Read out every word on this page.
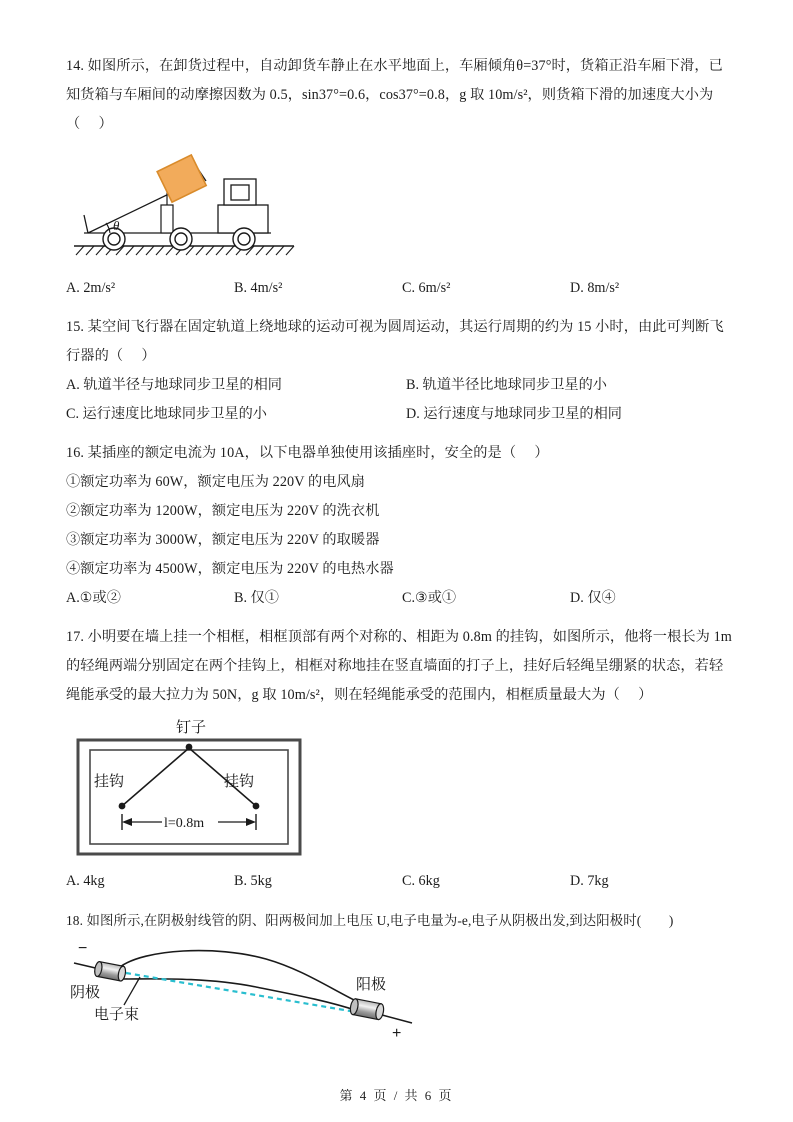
14. 如图所示，在卸货过程中，自动卸货车静止在水平地面上，车厢倾角θ=37°时，货箱正沿车厢下滑，已
知货箱与车厢间的动摩擦因数为 0.5，sin37°=0.6，cos37°=0.8，g 取 10m/s²，则货箱下滑的加速度大小为
（     ）
θ
A. 2m/s²	B. 4m/s²	C. 6m/s²	D. 8m/s²
15. 某空间飞行器在固定轨道上绕地球的运动可视为圆周运动，其运行周期的约为 15 小时，由此可判断飞
行器的（     ）
A. 轨道半径与地球同步卫星的相同	B. 轨道半径比地球同步卫星的小
C. 运行速度比地球同步卫星的小	D. 运行速度与地球同步卫星的相同
16. 某插座的额定电流为 10A，以下电器单独使用该插座时，安全的是（     ）
①额定功率为 60W，额定电压为 220V 的电风扇
②额定功率为 1200W，额定电压为 220V 的洗衣机
③额定功率为 3000W，额定电压为 220V 的取暖器
④额定功率为 4500W，额定电压为 220V 的电热水器
A.①或②	B. 仅①	C.③或①	D. 仅④
17. 小明要在墙上挂一个相框，相框顶部有两个对称的、相距为 0.8m 的挂钩，如图所示，他将一根长为 1m
的轻绳两端分别固定在两个挂钩上，相框对称地挂在竖直墙面的打子上，挂好后轻绳呈绷紧的状态，若轻
绳能承受的最大拉力为 50N，g 取 10m/s²，则在轻绳能承受的范围内，相框质量最大为（     ）
钉子
挂钩	挂钩
l=0.8m
A. 4kg	B. 5kg	C. 6kg	D. 7kg
18. 如图所示,在阴极射线管的阴、阳两极间加上电压 U,电子电量为-e,电子从阴极出发,到达阳极时(        )
−
+
阴极
电子束
阳极
第 4 页 / 共 6 页
